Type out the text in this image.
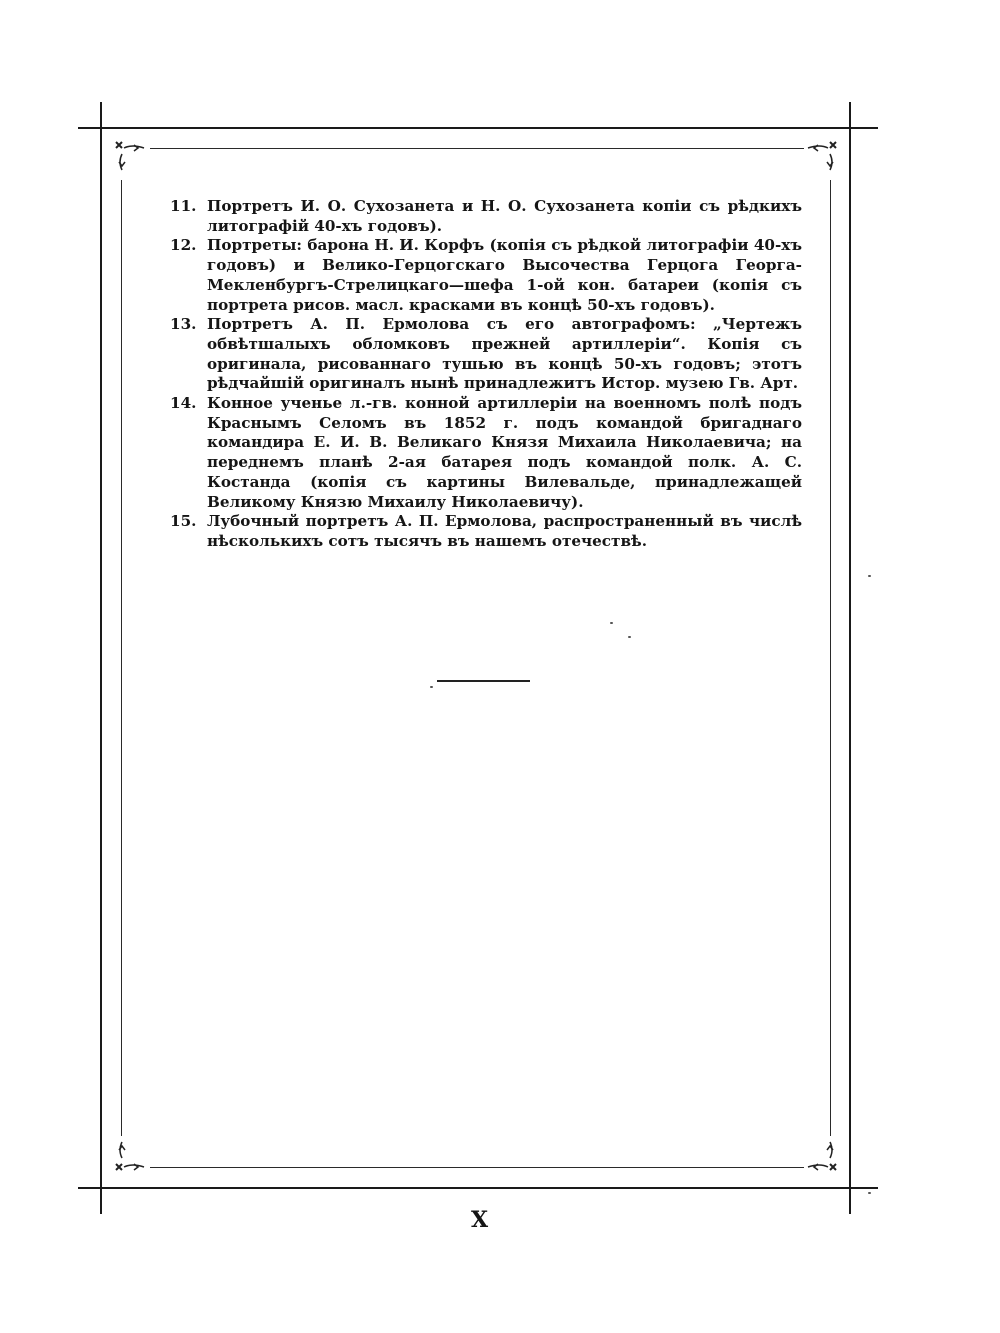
11. Портретъ И. О. Сухозанета и Н. О. Сухозанета копіи съ рѣдкихъ литографій 40-хъ годовъ).
12. Портреты: барона Н. И. Корфъ (копія съ рѣдкой литографіи 40-хъ годовъ) и Велико-Герцогскаго Высочества Герцога Георга-Мекленбургъ-Стрелицкаго—шефа 1-ой кон. батареи (копія съ портрета рисов. масл. красками въ концѣ 50-хъ годовъ).
13. Портретъ А. П. Ермолова съ его автографомъ: „Чертежъ обвѣтшалыхъ обломковъ прежней артиллеріи“. Копія съ оригинала, рисованнаго тушью въ концѣ 50-хъ годовъ; этотъ рѣдчайшій оригиналъ нынѣ принадлежитъ Истор. музею Гв. Арт.
14. Конное ученье л.-гв. конной артиллеріи на военномъ полѣ подъ Краснымъ Селомъ въ 1852 г. подъ командой бригаднаго командира Е. И. В. Великаго Князя Михаила Николаевича; на переднемъ планѣ 2-ая батарея подъ командой полк. А. С. Костанда (копія съ картины Вилевальде, принадлежащей Великому Князю Михаилу Николаевичу).
15. Лубочный портретъ А. П. Ермолова, распространенный въ числѣ нѣсколькихъ сотъ тысячъ въ нашемъ отечествѣ.
X
